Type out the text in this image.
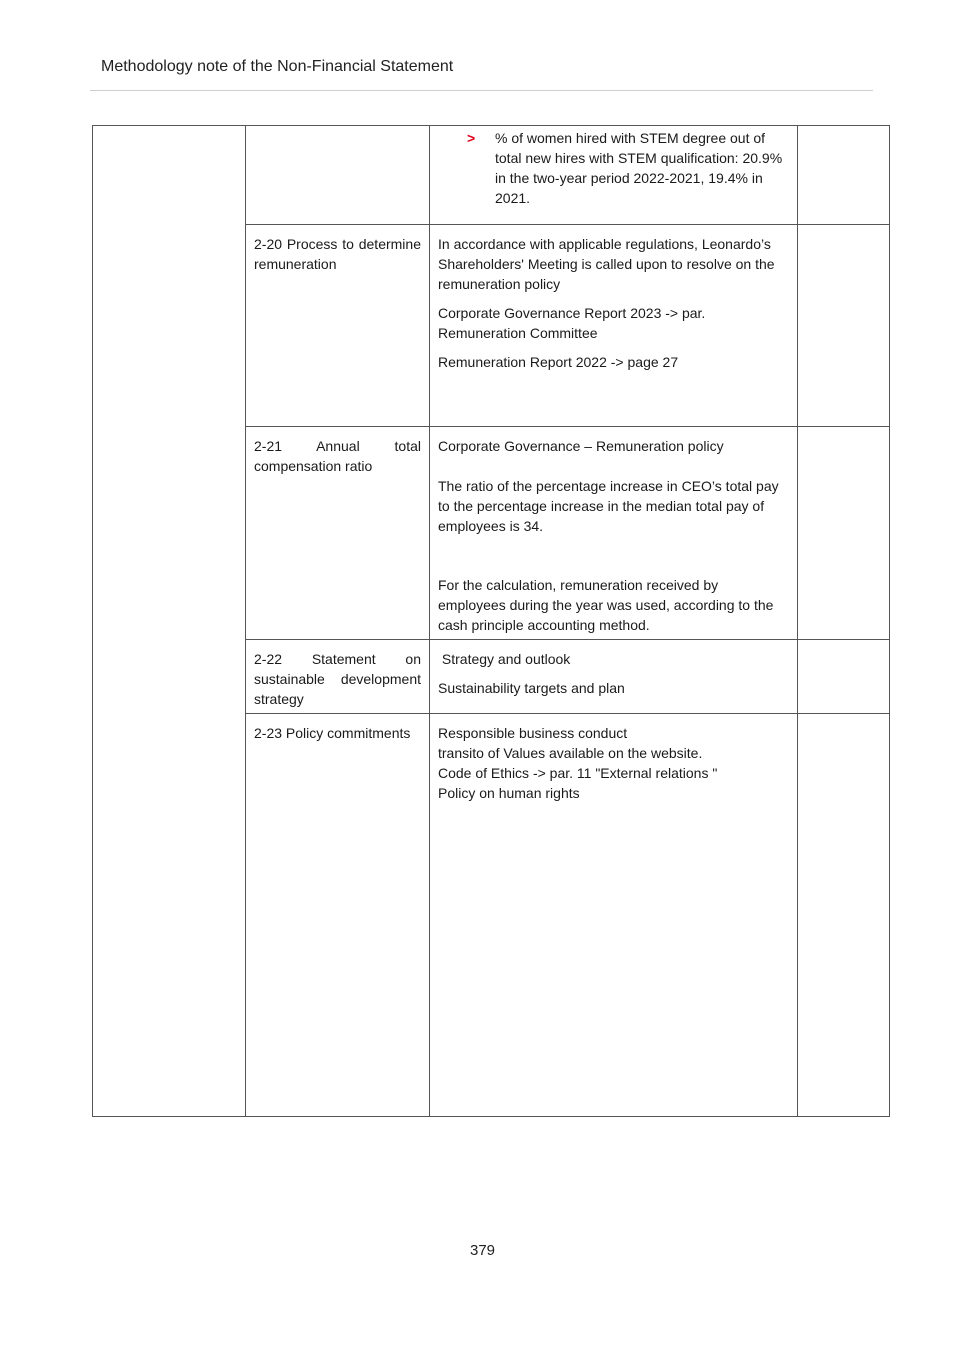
Methodology note of the Non-Financial Statement

		> % of women hired with STEM degree out of total new hires with STEM qualification: 20.9% in the two-year period 2022-2021, 19.4% in 2021.	

	2-20 Process to determine remuneration	In accordance with applicable regulations, Leonardo’s Shareholders' Meeting is called upon to resolve on the remuneration policy

Corporate Governance Report 2023 -> par. Remuneration Committee

Remuneration Report 2022 -> page 27	

	2-21 Annual total compensation ratio	Corporate Governance – Remuneration policy

The ratio of the percentage increase in CEO’s total pay to the percentage increase in the median total pay of employees is 34.

For the calculation, remuneration received by employees during the year was used, according to the cash principle accounting method.	

	2-22 Statement on sustainable development strategy	Strategy and outlook

Sustainability targets and plan	

	2-23 Policy commitments	Responsible business conduct
transito of Values available on the website.
Code of Ethics -> par. 11 "External relations "
Policy on human rights	

379
